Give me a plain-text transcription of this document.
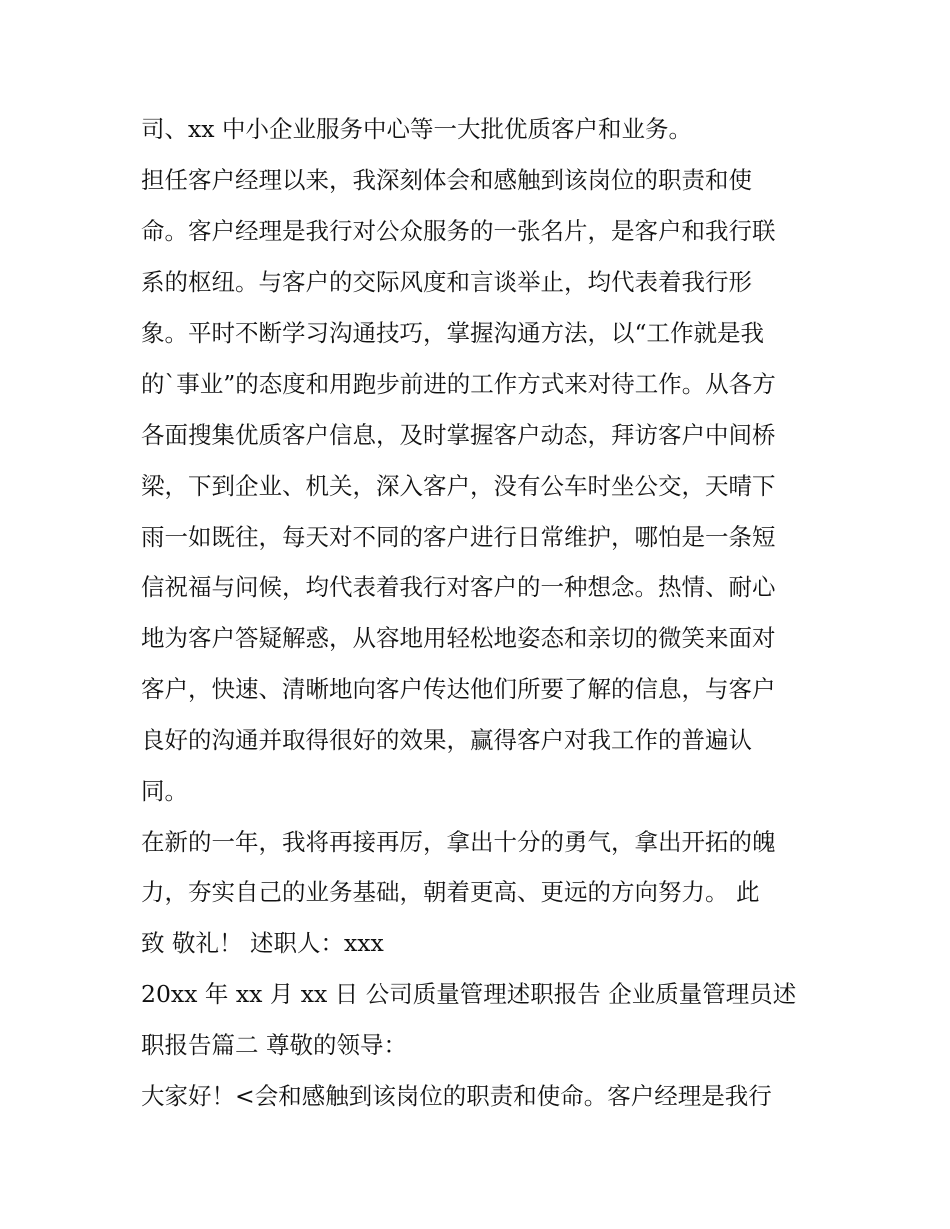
司、xx 中小企业服务中心等一大批优质客户和业务。
担任客户经理以来，我深刻体会和感触到该岗位的职责和使
命。客户经理是我行对公众服务的一张名片，是客户和我行联
系的枢纽。与客户的交际风度和言谈举止，均代表着我行形
象。平时不断学习沟通技巧，掌握沟通方法，以“工作就是我
的`事业”的态度和用跑步前进的工作方式来对待工作。从各方
各面搜集优质客户信息，及时掌握客户动态，拜访客户中间桥
梁，下到企业、机关，深入客户，没有公车时坐公交，天晴下
雨一如既往，每天对不同的客户进行日常维护，哪怕是一条短
信祝福与问候，均代表着我行对客户的一种想念。热情、耐心
地为客户答疑解惑，从容地用轻松地姿态和亲切的微笑来面对
客户，快速、清晰地向客户传达他们所要了解的信息，与客户
良好的沟通并取得很好的效果，赢得客户对我工作的普遍认
同。
在新的一年，我将再接再厉，拿出十分的勇气，拿出开拓的魄
力，夯实自己的业务基础，朝着更高、更远的方向努力。 此
致 敬礼！ 述职人：xxx
20xx 年 xx 月 xx 日 公司质量管理述职报告 企业质量管理员述
职报告篇二 尊敬的领导：
大家好！<会和感触到该岗位的职责和使命。客户经理是我行
